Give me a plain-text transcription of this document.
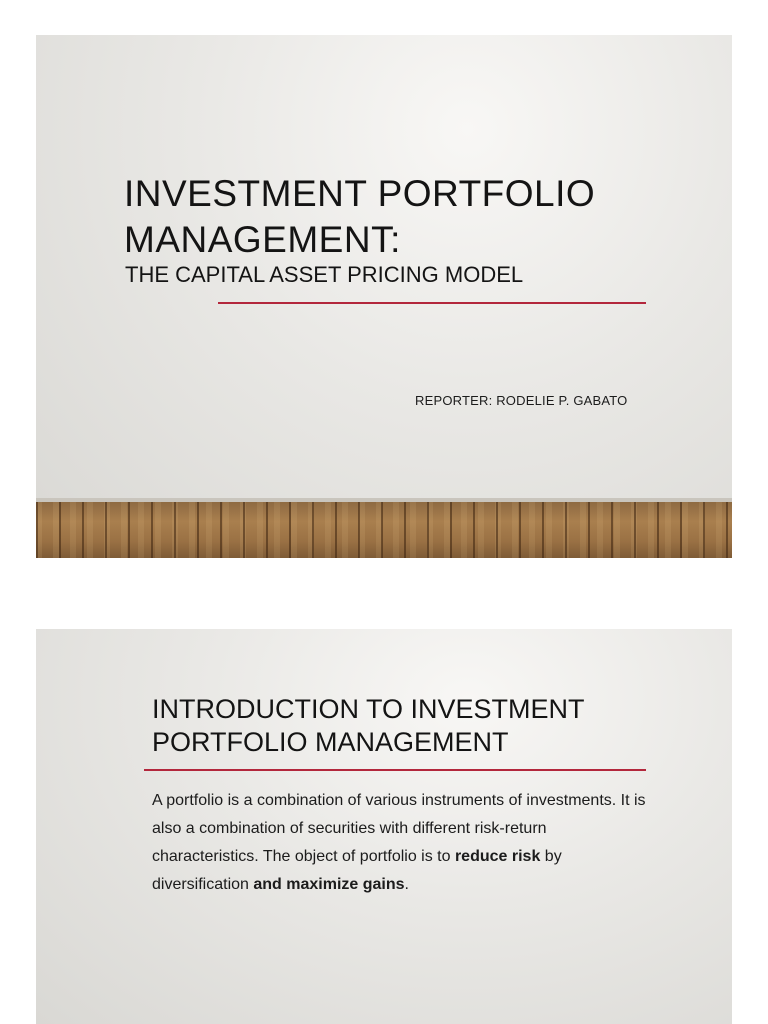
INVESTMENT PORTFOLIO
MANAGEMENT:
THE CAPITAL ASSET PRICING MODEL
REPORTER: RODELIE P. GABATO
INTRODUCTION TO INVESTMENT
PORTFOLIO MANAGEMENT

A portfolio is a combination of various instruments of investments. It is also a combination of securities with different risk-return characteristics. The object of portfolio is to reduce risk by diversification and maximize gains.
